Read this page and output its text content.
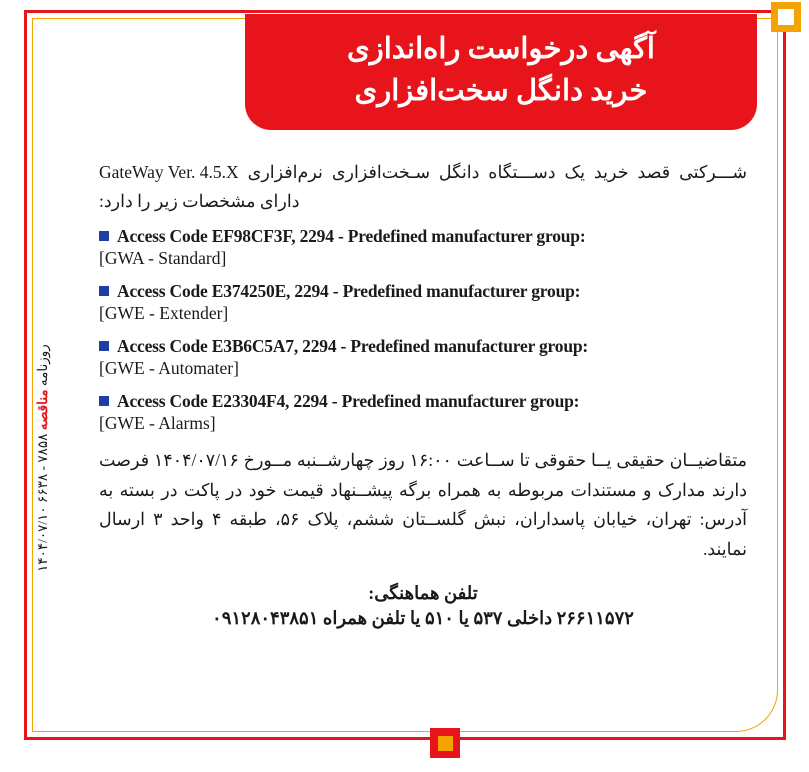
روزنامه مناقصه ۷۸۵۸ - ۶۶۳۸ ۱۴۰۴/۰۷/۱۰
آگهی درخواست راه‌اندازی
خرید دانگل سخت‌افزاری
شـــرکتی قصد خرید یک دســـتگاه دانگل سـخت‌افزاری نرم‌افزاری GateWay Ver. 4.5.X دارای مشخصات زیر را دارد:
Access Code EF98CF3F, 2294 - Predefined manufacturer group:
[GWA - Standard]
Access Code E374250E, 2294 - Predefined manufacturer group:
[GWE - Extender]
Access Code E3B6C5A7, 2294 - Predefined manufacturer group:
[GWE - Automater]
Access Code E23304F4, 2294 - Predefined manufacturer group:
[GWE - Alarms]
متقاضیــان حقیقی یــا حقوقی تا ســاعت ۱۶:۰۰ روز چهارشــنبه مــورخ ۱۴۰۴/۰۷/۱۶ فرصت دارند مدارک و مستندات مربوطه به همراه برگه پیشــنهاد قیمت خود در پاکت در بسته به آدرس: تهران، خیابان پاسداران، نبش گلســتان ششم، پلاک ۵۶، طبقه ۴ واحد ۳ ارسال نمایند.
تلفن هماهنگی:
۲۶۶۱۱۵۷۲ داخلی ۵۳۷ یا ۵۱۰ یا تلفن همراه ۰۹۱۲۸۰۴۳۸۵۱
